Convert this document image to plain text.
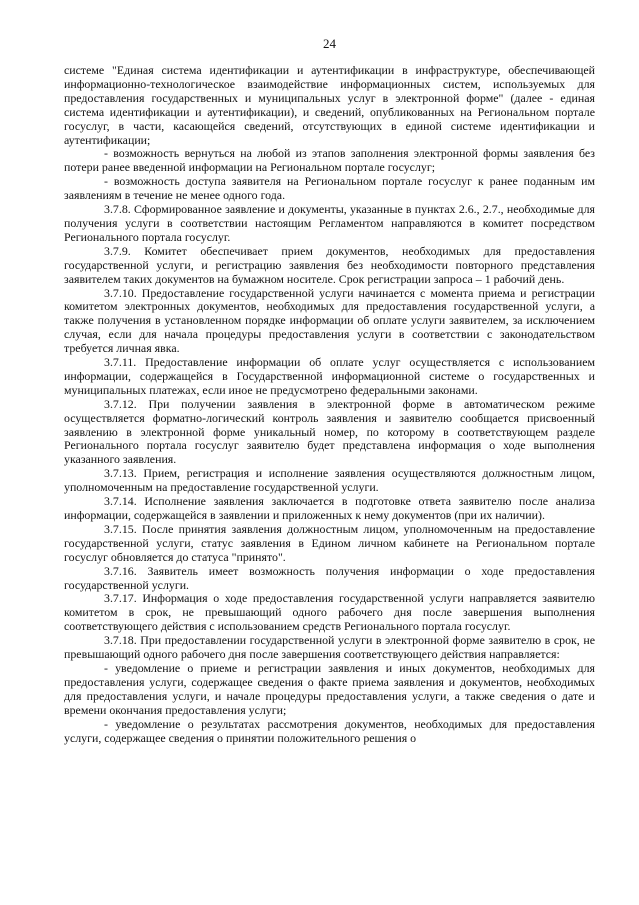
24

системе "Единая система идентификации и аутентификации в инфраструктуре, обеспечивающей информационно-технологическое взаимодействие информационных систем, используемых для предоставления государственных и муниципальных услуг в электронной форме" (далее - единая система идентификации и аутентификации), и сведений, опубликованных на Региональном портале госуслуг, в части, касающейся сведений, отсутствующих в единой системе идентификации и аутентификации;

- возможность вернуться на любой из этапов заполнения электронной формы заявления без потери ранее введенной информации на Региональном портале госуслуг;

- возможность доступа заявителя на Региональном портале госуслуг к ранее поданным им заявлениям в течение не менее одного года.

3.7.8. Сформированное заявление и документы, указанные в пунктах 2.6., 2.7., необходимые для получения услуги в соответствии настоящим Регламентом направляются в комитет посредством Регионального портала госуслуг.

3.7.9. Комитет обеспечивает прием документов, необходимых для предоставления государственной услуги, и регистрацию заявления без необходимости повторного представления заявителем таких документов на бумажном носителе. Срок регистрации запроса – 1 рабочий день.

3.7.10. Предоставление государственной услуги начинается с момента приема и регистрации комитетом электронных документов, необходимых для предоставления государственной услуги, а также получения в установленном порядке информации об оплате услуги заявителем, за исключением случая, если для начала процедуры предоставления услуги в соответствии с законодательством требуется личная явка.

3.7.11. Предоставление информации об оплате услуг осуществляется с использованием информации, содержащейся в Государственной информационной системе о государственных и муниципальных платежах, если иное не предусмотрено федеральными законами.

3.7.12. При получении заявления в электронной форме в автоматическом режиме осуществляется форматно-логический контроль заявления и заявителю сообщается присвоенный заявлению в электронной форме уникальный номер, по которому в соответствующем разделе Регионального портала госуслуг заявителю будет представлена информация о ходе выполнения указанного заявления.

3.7.13. Прием, регистрация и исполнение заявления осуществляются должностным лицом, уполномоченным на предоставление государственной услуги.

3.7.14. Исполнение заявления заключается в подготовке ответа заявителю после анализа информации, содержащейся в заявлении и приложенных к нему документов (при их наличии).

3.7.15. После принятия заявления должностным лицом, уполномоченным на предоставление государственной услуги, статус заявления в Едином личном кабинете на Региональном портале госуслуг обновляется до статуса "принято".

3.7.16. Заявитель имеет возможность получения информации о ходе предоставления государственной услуги.

3.7.17. Информация о ходе предоставления государственной услуги направляется заявителю комитетом в срок, не превышающий одного рабочего дня после завершения выполнения соответствующего действия с использованием средств Регионального портала госуслуг.

3.7.18. При предоставлении государственной услуги в электронной форме заявителю в срок, не превышающий одного рабочего дня после завершения соответствующего действия направляется:

- уведомление о приеме и регистрации заявления и иных документов, необходимых для предоставления услуги, содержащее сведения о факте приема заявления и документов, необходимых для предоставления услуги, и начале процедуры предоставления услуги, а также сведения о дате и времени окончания предоставления услуги;

- уведомление о результатах рассмотрения документов, необходимых для предоставления услуги, содержащее сведения о принятии положительного решения о
